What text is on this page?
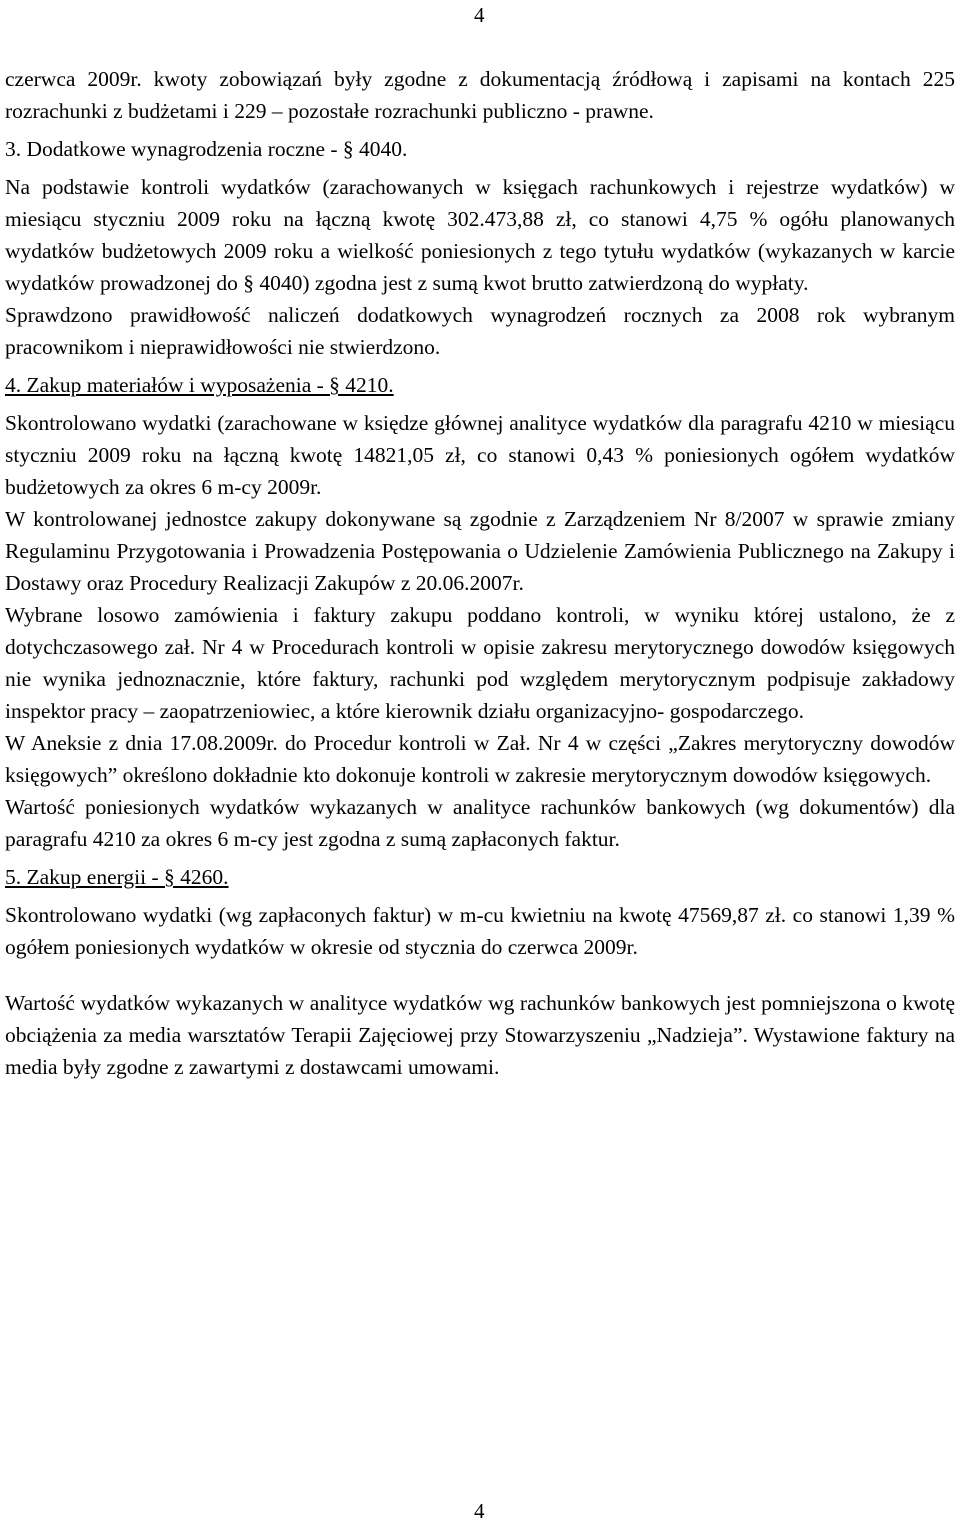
4

czerwca 2009r. kwoty zobowiązań były zgodne z dokumentacją źródłową i zapisami na kontach 225 rozrachunki z budżetami i 229 – pozostałe rozrachunki publiczno - prawne.

3. Dodatkowe wynagrodzenia roczne - § 4040.

Na podstawie kontroli wydatków (zarachowanych w księgach rachunkowych i rejestrze wydatków) w miesiącu styczniu 2009 roku na łączną kwotę 302.473,88 zł, co stanowi 4,75 % ogółu planowanych wydatków budżetowych 2009 roku a wielkość poniesionych z tego tytułu wydatków (wykazanych w karcie wydatków prowadzonej do § 4040) zgodna jest z sumą kwot brutto zatwierdzoną do wypłaty.

Sprawdzono prawidłowość naliczeń dodatkowych wynagrodzeń rocznych za 2008 rok wybranym pracownikom i nieprawidłowości nie stwierdzono.

4. Zakup materiałów i wyposażenia - § 4210.

Skontrolowano wydatki (zarachowane w księdze głównej analityce wydatków dla paragrafu 4210 w miesiącu styczniu 2009 roku na łączną kwotę 14821,05 zł, co stanowi 0,43 % poniesionych ogółem wydatków budżetowych za okres 6 m-cy 2009r.

W kontrolowanej jednostce zakupy dokonywane są zgodnie z Zarządzeniem Nr 8/2007 w sprawie zmiany Regulaminu Przygotowania i Prowadzenia Postępowania o Udzielenie Zamówienia Publicznego na Zakupy i Dostawy oraz Procedury Realizacji Zakupów z 20.06.2007r.

Wybrane losowo zamówienia i faktury zakupu poddano kontroli, w wyniku której ustalono, że z dotychczasowego zał. Nr 4 w Procedurach kontroli w opisie zakresu merytorycznego dowodów księgowych nie wynika jednoznacznie, które faktury, rachunki pod względem merytorycznym podpisuje zakładowy inspektor pracy – zaopatrzeniowiec, a które kierownik działu organizacyjno- gospodarczego.

W Aneksie z dnia 17.08.2009r. do Procedur kontroli w Zał. Nr 4 w części „Zakres merytoryczny dowodów księgowych” określono dokładnie kto dokonuje kontroli w zakresie merytorycznym dowodów księgowych.

Wartość poniesionych wydatków wykazanych w analityce rachunków bankowych (wg dokumentów) dla paragrafu 4210 za okres 6 m-cy jest zgodna z sumą zapłaconych faktur.

5. Zakup energii - § 4260.

Skontrolowano wydatki (wg zapłaconych faktur) w m-cu kwietniu na kwotę 47569,87 zł. co stanowi 1,39 % ogółem poniesionych wydatków w okresie od stycznia do czerwca 2009r.

Wartość wydatków wykazanych w analityce wydatków wg rachunków bankowych jest pomniejszona o kwotę obciążenia za media warsztatów Terapii Zajęciowej przy Stowarzyszeniu „Nadzieja”. Wystawione faktury na media były zgodne z zawartymi z dostawcami umowami.

4
